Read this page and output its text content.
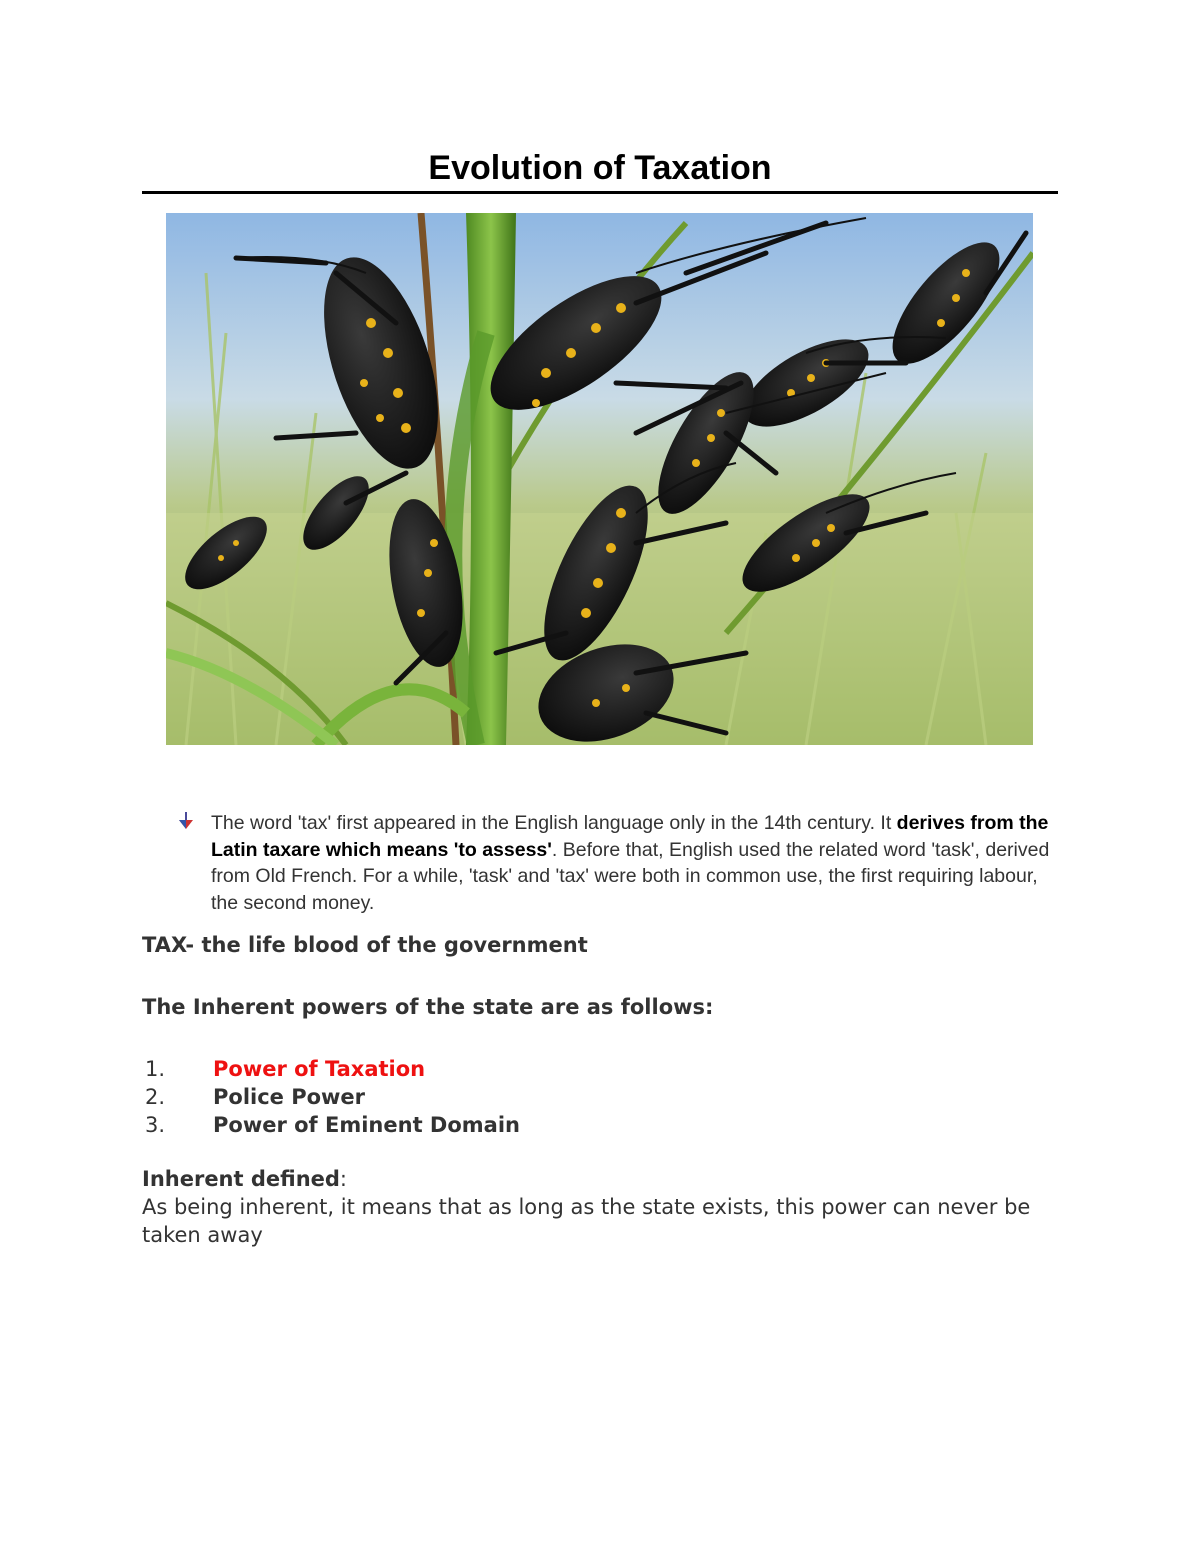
Evolution of Taxation

The word 'tax' first appeared in the English language only in the 14th century. It derives from the Latin taxare which means 'to assess'. Before that, English used the related word 'task', derived from Old French. For a while, 'task' and 'tax' were both in common use, the first requiring labour, the second money.

TAX- the life blood of the government

The Inherent powers of the state are as follows:

1.	Power of Taxation
2.	Police Power
3.	Power of Eminent Domain

Inherent defined:

As being inherent, it means that as long as the state exists, this power can never be taken away
